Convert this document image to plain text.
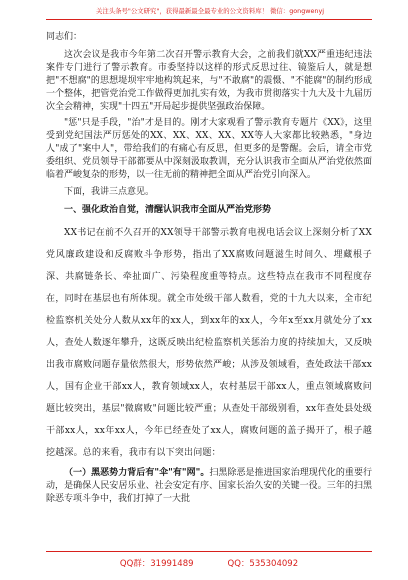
关注头条号"公文研究"，获得最新最全最专业的公文资料库！ 微信：gongwenyj

同志们：

这次会议是我市今年第二次召开警示教育大会，之前我们就XX严重违纪违法案件专门进行了警示教育。市委坚持以这样的形式反思过往、镜鉴后人，就是想把"不想腐"的思想堤坝牢牢地构筑起来，与"不敢腐"的震慑、"不能腐"的制约形成一个整体，把管党治党工作做得更加扎实有效，为我市贯彻落实十九大及十九届历次全会精神，实现"十四五"开局起步提供坚强政治保障。

"惩"只是手段，"治"才是目的。刚才大家观看了警示教育专题片《XX》，这里受到党纪国法严厉惩处的XX、XX、XX、XX、XX等人大家都比较熟悉，"身边人"成了"案中人"，带给我们的有痛心有反思，但更多的是警醒。会后，请全市党委组织、党员领导干部都要从中深刻汲取教训，充分认识我市全面从严治党依然面临着严峻复杂的形势，以一往无前的精神把全面从严治党引向深入。

下面，我讲三点意见。

一、强化政治自觉，清醒认识我市全面从严治党形势

XX书记在前不久召开的XX领导干部警示教育电视电话会议上深刻分析了XX党风廉政建设和反腐败斗争形势，指出了XX腐败问题滋生时间久、埋藏根子深、共腐链条长、牵扯面广、污染程度重等特点。这些特点在我市不同程度存在，同时在基层也有所体现。就全市处级干部人数看，党的十九大以来，全市纪检监察机关处分人数从xx年的xx人，到xx年的xx人，今年x至xx月就处分了xx人，查处人数逐年攀升，这既反映出纪检监察机关惩治力度的持续加大，又反映出我市腐败问题存量依然很大，形势依然严峻；从涉及领域看，查处政法干部xx人，国有企业干部xx人，教育领域xx人，农村基层干部xx人，重点领域腐败问题比较突出，基层"微腐败"问题比较严重；从查处干部级别看，xx年查处县处级干部xx人，xx年xx人，今年已经查处了xx人，腐败问题的盖子揭开了，根子越挖越深。总的来看，我市有以下突出问题：

（一）黑恶势力背后有"伞"有"网"。扫黑除恶是推进国家治理现代化的重要行动，是确保人民安居乐业、社会安定有序、国家长治久安的关键一役。三年的扫黑除恶专项斗争中，我们打掉了一大批

QQ群：31991489	QQ：535304092
